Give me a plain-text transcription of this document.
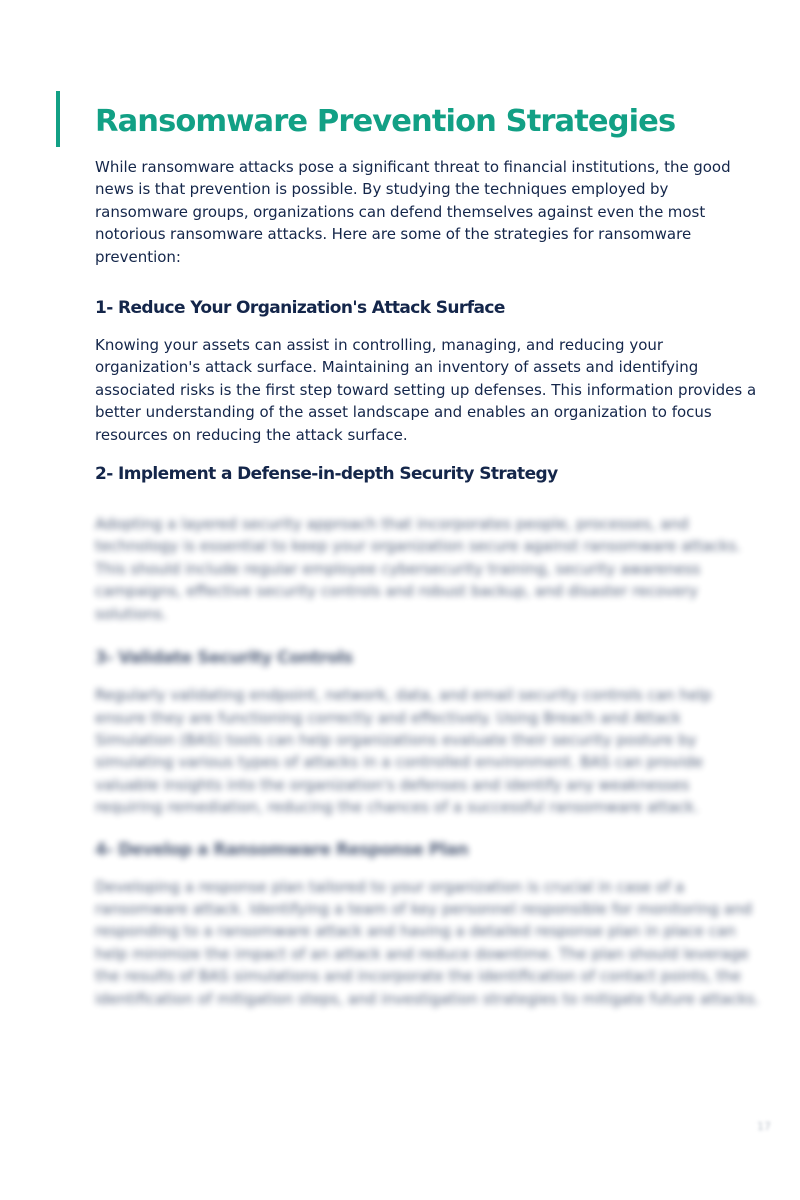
Ransomware Prevention Strategies

While ransomware attacks pose a significant threat to financial institutions, the good news is that prevention is possible. By studying the techniques employed by ransomware groups, organizations can defend themselves against even the most notorious ransomware attacks. Here are some of the strategies for ransomware prevention:

1- Reduce Your Organization's Attack Surface

Knowing your assets can assist in controlling, managing, and reducing your organization's attack surface. Maintaining an inventory of assets and identifying associated risks is the first step toward setting up defenses. This information provides a better understanding of the asset landscape and enables an organization to focus resources on reducing the attack surface.

2- Implement a Defense-in-depth Security Strategy

Adopting a layered security approach that incorporates people, processes, and technology is essential to keep your organization secure against ransomware attacks. This should include regular employee cybersecurity training, security awareness campaigns, effective security controls and robust backup, and disaster recovery solutions.

3- Validate Security Controls

Regularly validating endpoint, network, data, and email security controls can help ensure they are functioning correctly and effectively. Using Breach and Attack Simulation (BAS) tools can help organizations evaluate their security posture by simulating various types of attacks in a controlled environment. BAS can provide valuable insights into the organization's defenses and identify any weaknesses requiring remediation, reducing the chances of a successful ransomware attack.

4- Develop a Ransomware Response Plan

Developing a response plan tailored to your organization is crucial in case of a ransomware attack. Identifying a team of key personnel responsible for monitoring and responding to a ransomware attack and having a detailed response plan in place can help minimize the impact of an attack and reduce downtime. The plan should leverage the results of BAS simulations and incorporate the identification of contact points, the identification of mitigation steps, and investigation strategies to mitigate future attacks.

17
